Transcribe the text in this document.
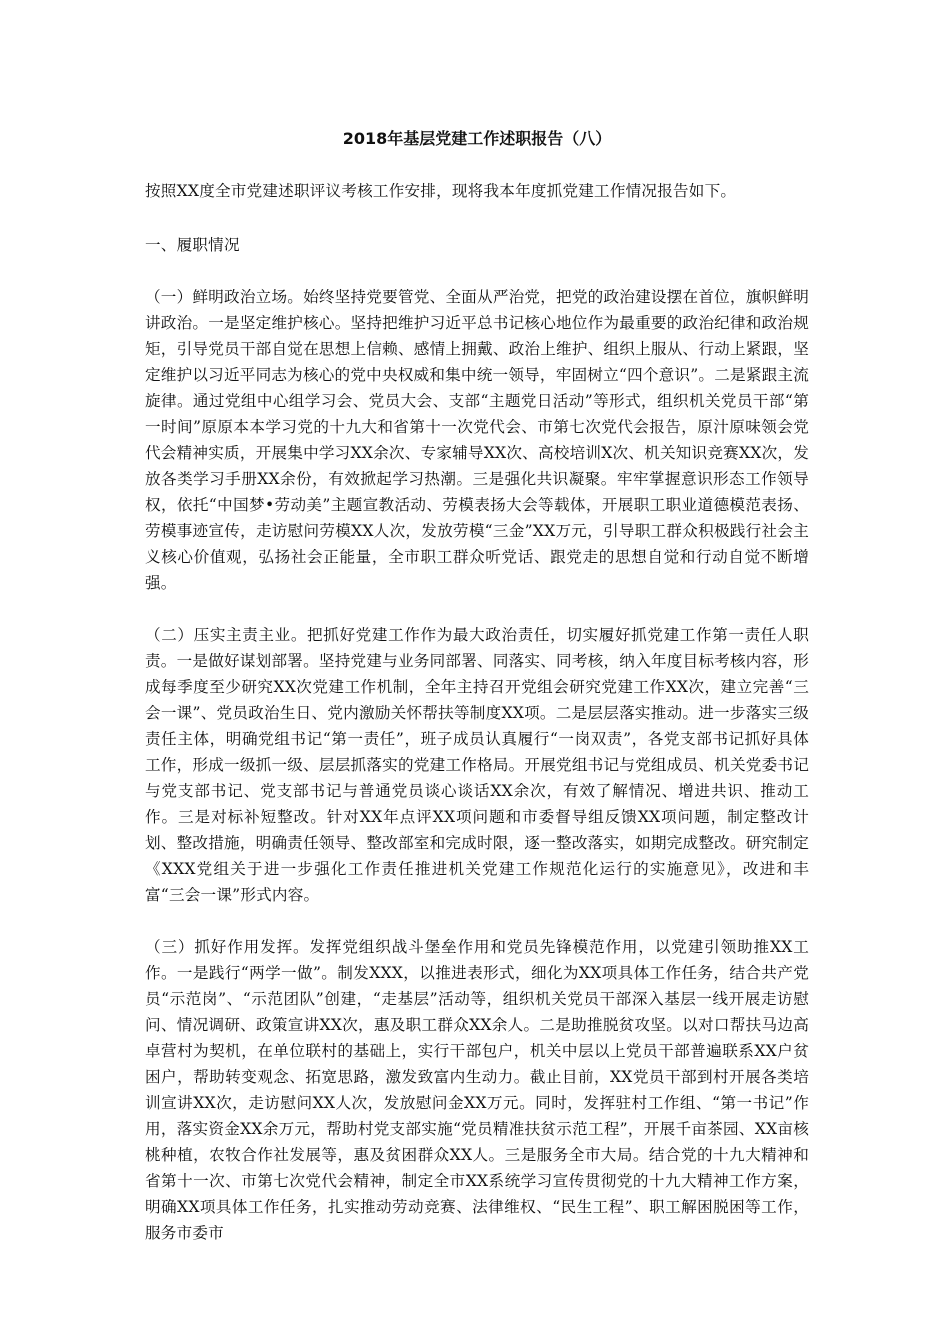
2018年基层党建工作述职报告（八）

按照XX度全市党建述职评议考核工作安排，现将我本年度抓党建工作情况报告如下。

一、履职情况

（一）鲜明政治立场。始终坚持党要管党、全面从严治党，把党的政治建设摆在首位，旗帜鲜明讲政治。一是坚定维护核心。坚持把维护习近平总书记核心地位作为最重要的政治纪律和政治规矩，引导党员干部自觉在思想上信赖、感情上拥戴、政治上维护、组织上服从、行动上紧跟，坚定维护以习近平同志为核心的党中央权威和集中统一领导，牢固树立“四个意识”。二是紧跟主流旋律。通过党组中心组学习会、党员大会、支部“主题党日活动”等形式，组织机关党员干部“第一时间”原原本本学习党的十九大和省第十一次党代会、市第七次党代会报告，原汁原味领会党代会精神实质，开展集中学习XX余次、专家辅导XX次、高校培训X次、机关知识竞赛XX次，发放各类学习手册XX余份，有效掀起学习热潮。三是强化共识凝聚。牢牢掌握意识形态工作领导权，依托“中国梦•劳动美”主题宣教活动、劳模表扬大会等载体，开展职工职业道德模范表扬、劳模事迹宣传，走访慰问劳模XX人次，发放劳模“三金”XX万元，引导职工群众积极践行社会主义核心价值观，弘扬社会正能量，全市职工群众听党话、跟党走的思想自觉和行动自觉不断增强。

（二）压实主责主业。把抓好党建工作作为最大政治责任，切实履好抓党建工作第一责任人职责。一是做好谋划部署。坚持党建与业务同部署、同落实、同考核，纳入年度目标考核内容，形成每季度至少研究XX次党建工作机制，全年主持召开党组会研究党建工作XX次，建立完善“三会一课”、党员政治生日、党内激励关怀帮扶等制度XX项。二是层层落实推动。进一步落实三级责任主体，明确党组书记“第一责任”，班子成员认真履行“一岗双责”，各党支部书记抓好具体工作，形成一级抓一级、层层抓落实的党建工作格局。开展党组书记与党组成员、机关党委书记与党支部书记、党支部书记与普通党员谈心谈话XX余次，有效了解情况、增进共识、推动工作。三是对标补短整改。针对XX年点评XX项问题和市委督导组反馈XX项问题，制定整改计划、整改措施，明确责任领导、整改部室和完成时限，逐一整改落实，如期完成整改。研究制定《XXX党组关于进一步强化工作责任推进机关党建工作规范化运行的实施意见》，改进和丰富“三会一课”形式内容。

（三）抓好作用发挥。发挥党组织战斗堡垒作用和党员先锋模范作用，以党建引领助推XX工作。一是践行“两学一做”。制发XXX，以推进表形式，细化为XX项具体工作任务，结合共产党员“示范岗”、“示范团队”创建，“走基层”活动等，组织机关党员干部深入基层一线开展走访慰问、情况调研、政策宣讲XX次，惠及职工群众XX余人。二是助推脱贫攻坚。以对口帮扶马边高卓营村为契机，在单位联村的基础上，实行干部包户，机关中层以上党员干部普遍联系XX户贫困户，帮助转变观念、拓宽思路，激发致富内生动力。截止目前，XX党员干部到村开展各类培训宣讲XX次，走访慰问XX人次，发放慰问金XX万元。同时，发挥驻村工作组、“第一书记”作用，落实资金XX余万元，帮助村党支部实施“党员精准扶贫示范工程”，开展千亩茶园、XX亩核桃种植，农牧合作社发展等，惠及贫困群众XX人。三是服务全市大局。结合党的十九大精神和省第十一次、市第七次党代会精神，制定全市XX系统学习宣传贯彻党的十九大精神工作方案，明确XX项具体工作任务，扎实推动劳动竞赛、法律维权、“民生工程”、职工解困脱困等工作，服务市委市
